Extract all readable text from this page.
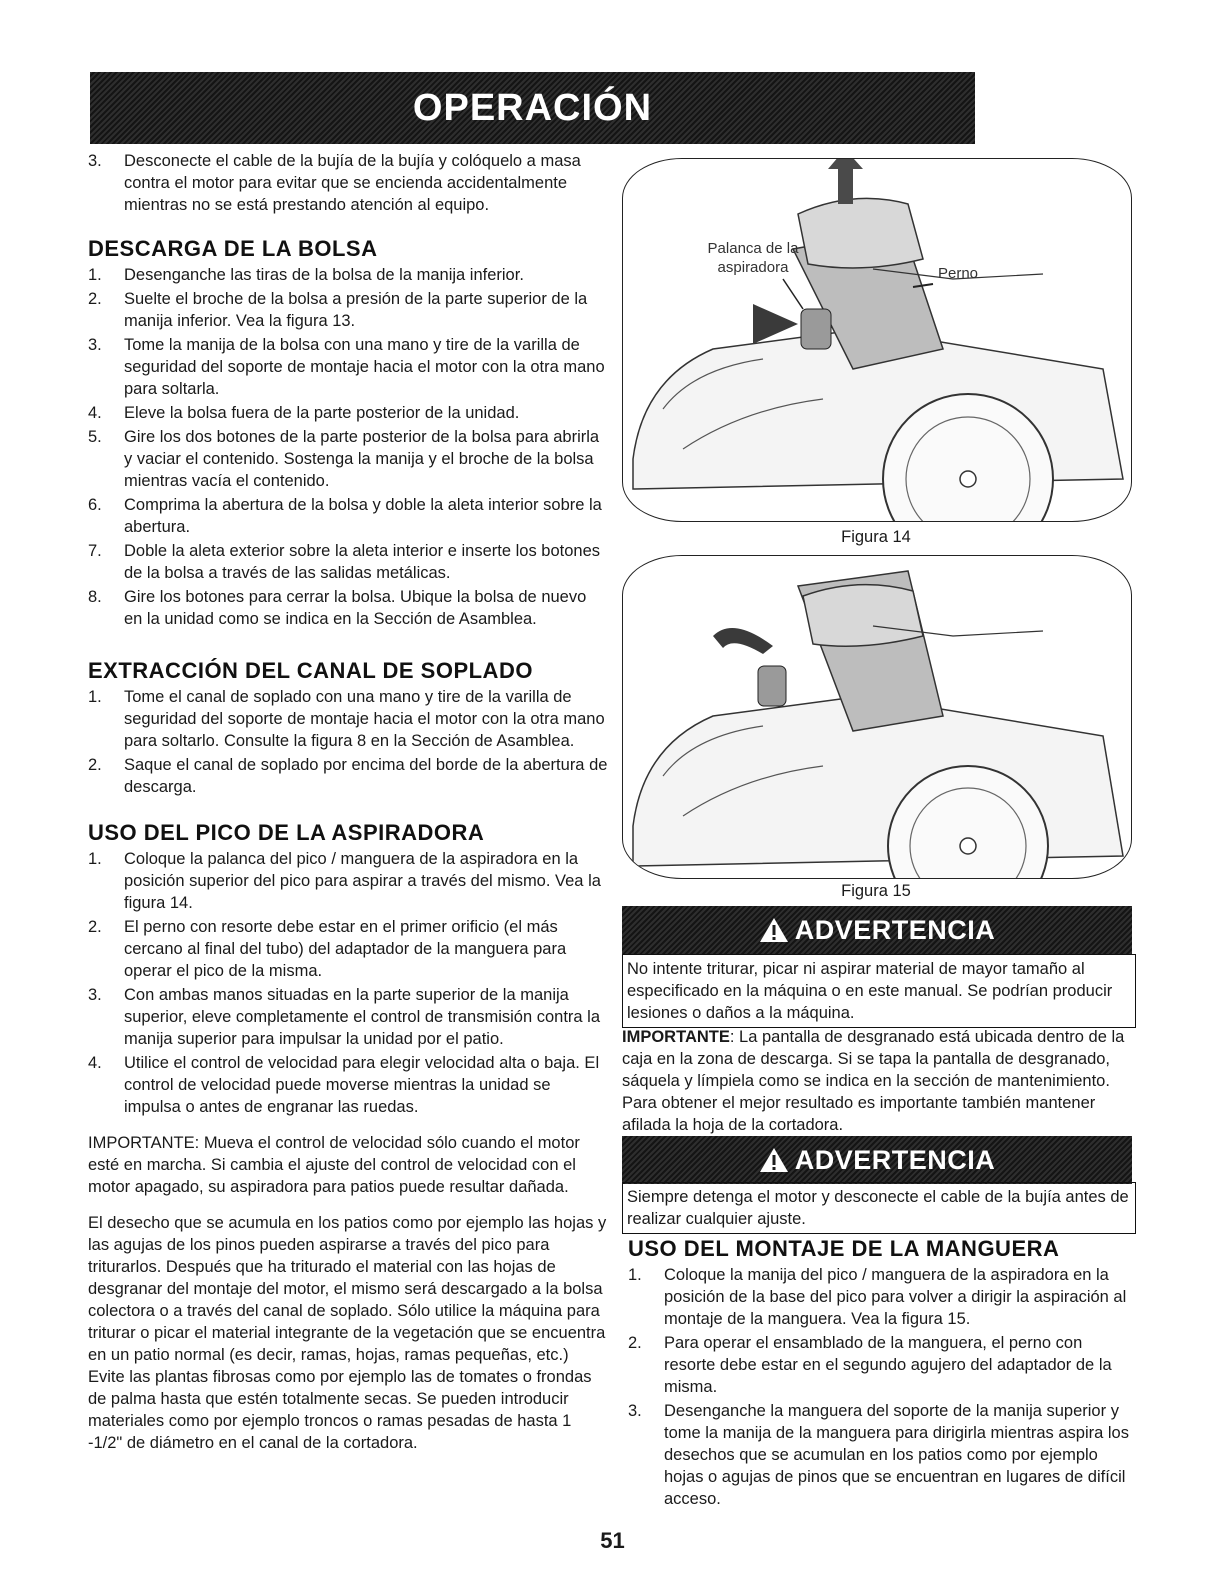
OPERACIÓN
3.	Desconecte el cable de la bujía de la bujía y colóquelo a masa contra el motor para evitar que se encienda accidentalmente mientras no se está prestando atención al equipo.
DESCARGA DE LA BOLSA
1.	Desenganche las tiras de la bolsa de la manija inferior.
2.	Suelte el broche de la bolsa a presión de la parte superior de la manija inferior. Vea la figura 13.
3.	Tome la manija de la bolsa con una mano y tire de la varilla de seguridad del soporte de montaje hacia el motor con la otra mano para soltarla.
4.	Eleve la bolsa fuera de la parte posterior de la unidad.
5.	Gire los dos botones de la parte posterior de la bolsa para abrirla y vaciar el contenido. Sostenga la manija y el broche de la bolsa mientras vacía el contenido.
6.	Comprima la abertura de la bolsa y doble la aleta interior sobre la abertura.
7.	Doble la aleta exterior sobre la aleta interior e inserte los botones de la bolsa a través de las salidas metálicas.
8.	Gire los botones para cerrar la bolsa. Ubique la bolsa de nuevo en la unidad como se indica en la Sección de Asamblea.
EXTRACCIÓN DEL CANAL DE SOPLADO
1.	Tome el canal de soplado con una mano y tire de la varilla de seguridad del soporte de montaje hacia el motor con la otra mano para soltarlo. Consulte la figura 8 en la Sección de Asamblea.
2.	Saque el canal de soplado por encima del borde de la abertura de descarga.
USO DEL PICO DE LA ASPIRADORA
1.	Coloque la palanca del pico / manguera de la aspiradora en la posición superior del pico para aspirar a través del mismo. Vea la figura 14.
2.	El perno con resorte debe estar en el primer orificio (el más cercano al final del tubo) del adaptador de la manguera para operar el pico de la misma.
3.	Con ambas manos situadas en la parte superior de la manija superior, eleve completamente el control de transmisión contra la manija superior para impulsar la unidad por el patio.
4.	Utilice el control de velocidad para elegir velocidad alta o baja. El control de velocidad puede moverse mientras la unidad se impulsa o antes de engranar las ruedas.

IMPORTANTE: Mueva el control de velocidad sólo cuando el motor esté en marcha. Si cambia el ajuste del control de velocidad con el motor apagado, su aspiradora para patios puede resultar dañada.

El desecho que se acumula en los patios como por ejemplo las hojas y las agujas de los pinos pueden aspirarse a través del pico para triturarlos. Después que ha triturado el material con las hojas de desgranar del montaje del motor, el mismo será descargado a la bolsa colectora o a través del canal de soplado. Sólo utilice la máquina para triturar o picar el material integrante de la vegetación que se encuentra en un patio normal (es decir, ramas, hojas, ramas pequeñas, etc.) Evite las plantas fibrosas como por ejemplo las de tomates o frondas de palma hasta que estén totalmente secas. Se pueden introducir materiales como por ejemplo troncos o ramas pesadas de hasta 1 -1/2" de diámetro en el canal de la cortadora.

Palanca de la aspiradora	Perno
Figura 14
Figura 15
ADVERTENCIA
No intente triturar, picar ni aspirar material de mayor tamaño al especificado en la máquina o en este manual. Se podrían producir lesiones o daños a la máquina.
IMPORTANTE: La pantalla de desgranado está ubicada dentro de la caja en la zona de descarga. Si se tapa la pantalla de desgranado, sáquela y límpiela como se indica en la sección de mantenimiento. Para obtener el mejor resultado es importante también mantener afilada la hoja de la cortadora.
ADVERTENCIA
Siempre detenga el motor y desconecte el cable de la bujía antes de realizar cualquier ajuste.
USO DEL MONTAJE DE LA MANGUERA
1.	Coloque la manija del pico / manguera de la aspiradora en la posición de la base del pico para volver a dirigir la aspiración al montaje de la manguera. Vea la figura 15.
2.	Para operar el ensamblado de la manguera, el perno con resorte debe estar en el segundo agujero del adaptador de la misma.
3.	Desenganche la manguera del soporte de la manija superior y tome la manija de la manguera para dirigirla mientras aspira los desechos que se acumulan en los patios como por ejemplo hojas o agujas de pinos que se encuentran en lugares de difícil acceso.
51
